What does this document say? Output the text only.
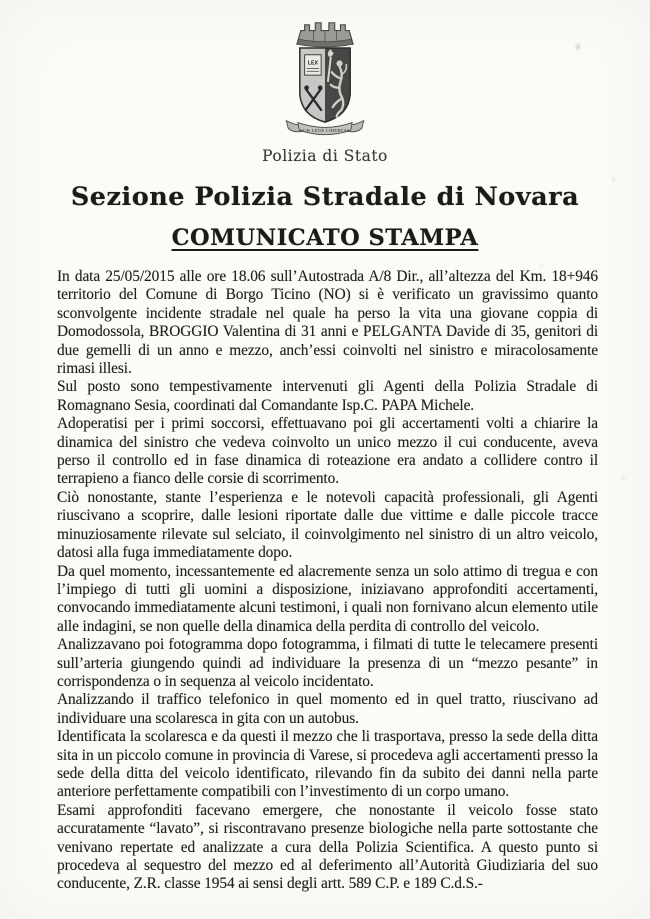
LEX
SUB LEGE LIBERTAS
Polizia di Stato
Sezione Polizia Stradale di Novara
COMUNICATO STAMPA

In data 25/05/2015 alle ore 18.06 sull’Autostrada A/8 Dir., all’altezza del Km. 18+946 territorio del Comune di Borgo Ticino (NO) si è verificato un gravissimo quanto sconvolgente incidente stradale nel quale ha perso la vita una giovane coppia di Domodossola, BROGGIO Valentina di 31 anni e PELGANTA Davide di 35, genitori di due gemelli di un anno e mezzo, anch’essi coinvolti nel sinistro e miracolosamente rimasi illesi.

Sul posto sono tempestivamente intervenuti gli Agenti della Polizia Stradale di Romagnano Sesia, coordinati dal Comandante Isp.C. PAPA Michele.

Adoperatisi per i primi soccorsi, effettuavano poi gli accertamenti volti a chiarire la dinamica del sinistro che vedeva coinvolto un unico mezzo il cui conducente, aveva perso il controllo ed in fase dinamica di roteazione era andato a collidere contro il terrapieno a fianco delle corsie di scorrimento.

Ciò nonostante, stante l’esperienza e le notevoli capacità professionali, gli Agenti riuscivano a scoprire, dalle lesioni riportate dalle due vittime e dalle piccole tracce minuziosamente rilevate sul selciato, il coinvolgimento nel sinistro di un altro veicolo, datosi alla fuga immediatamente dopo.

Da quel momento, incessantemente ed alacremente senza un solo attimo di tregua e con l’impiego di tutti gli uomini a disposizione, iniziavano approfonditi accertamenti, convocando immediatamente alcuni testimoni, i quali non fornivano alcun elemento utile alle indagini, se non quelle della dinamica della perdita di controllo del veicolo.

Analizzavano poi fotogramma dopo fotogramma, i filmati di tutte le telecamere presenti sull’arteria giungendo quindi ad individuare la presenza di un “mezzo pesante” in corrispondenza o in sequenza al veicolo incidentato.

Analizzando il traffico telefonico in quel momento ed in quel tratto, riuscivano ad individuare una scolaresca in gita con un autobus.

Identificata la scolaresca e da questi il mezzo che li trasportava, presso la sede della ditta sita in un piccolo comune in provincia di Varese, si procedeva agli accertamenti presso la sede della ditta del veicolo identificato, rilevando fin da subito dei danni nella parte anteriore perfettamente compatibili con l’investimento di un corpo umano.

Esami approfonditi facevano emergere, che nonostante il veicolo fosse stato accuratamente “lavato”, si riscontravano presenze biologiche nella parte sottostante che venivano repertate ed analizzate a cura della Polizia Scientifica. A questo punto si procedeva al sequestro del mezzo ed al deferimento all’Autorità Giudiziaria del suo conducente, Z.R. classe 1954 ai sensi degli artt. 589 C.P. e 189 C.d.S.-
